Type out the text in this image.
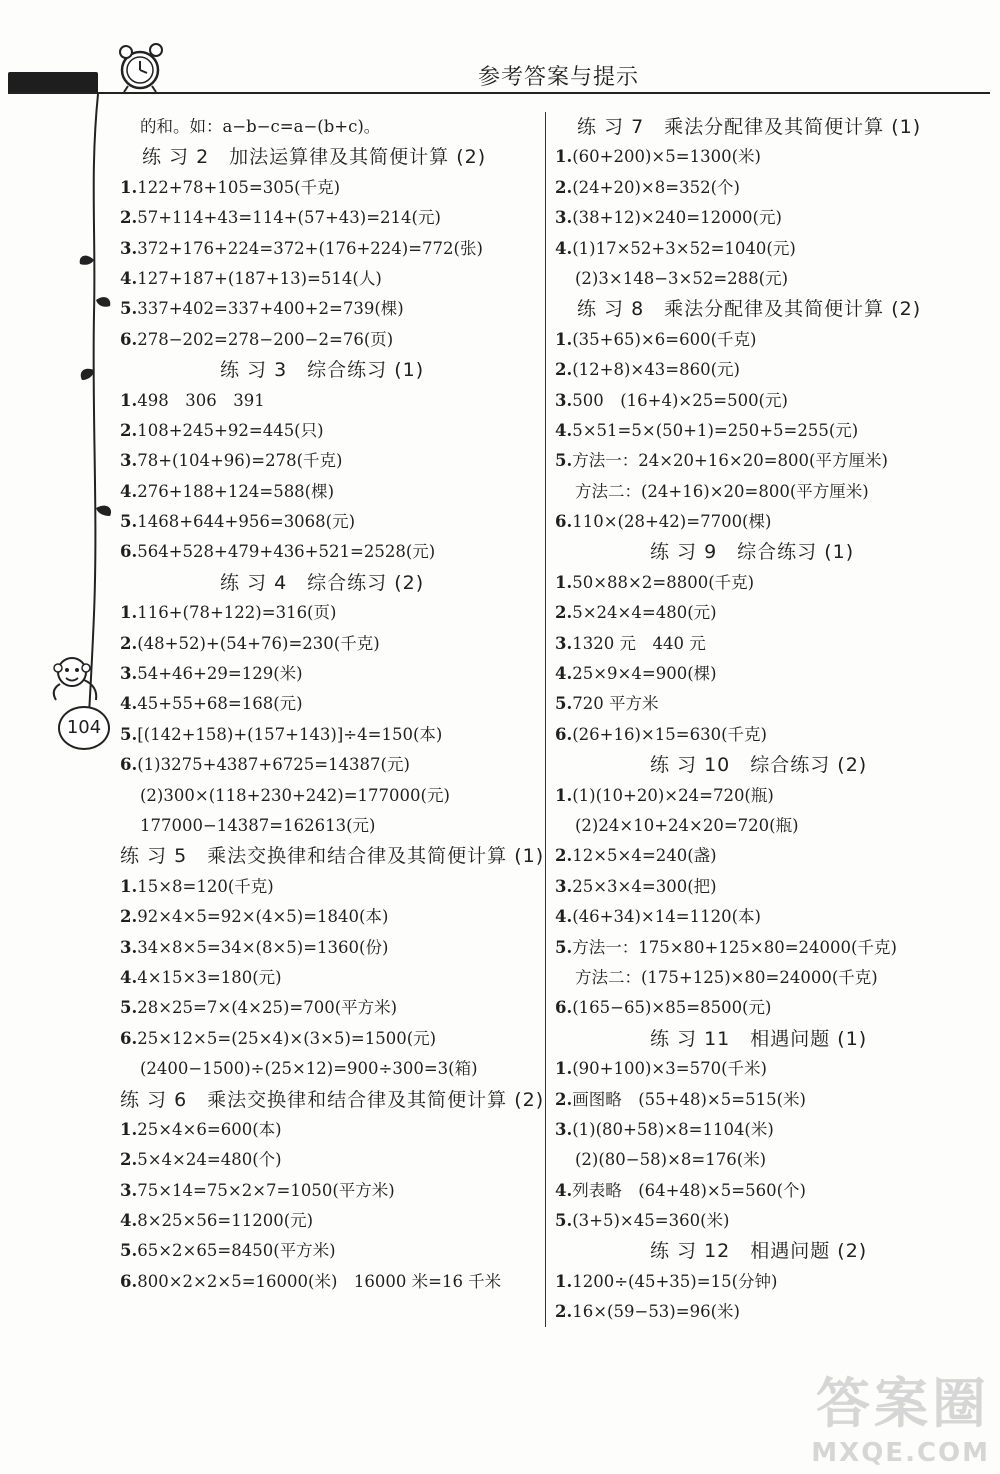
参考答案与提示
104
的和。如：a−b−c=a−(b+c)。
练 习 2　加法运算律及其简便计算 (2)
1.122+78+105=305(千克)
2.57+114+43=114+(57+43)=214(元)
3.372+176+224=372+(176+224)=772(张)
4.127+187+(187+13)=514(人)
5.337+402=337+400+2=739(棵)
6.278−202=278−200−2=76(页)
练 习 3　综合练习 (1)
1.498　306　391
2.108+245+92=445(只)
3.78+(104+96)=278(千克)
4.276+188+124=588(棵)
5.1468+644+956=3068(元)
6.564+528+479+436+521=2528(元)
练 习 4　综合练习 (2)
1.116+(78+122)=316(页)
2.(48+52)+(54+76)=230(千克)
3.54+46+29=129(米)
4.45+55+68=168(元)
5.[(142+158)+(157+143)]÷4=150(本)
6.(1)3275+4387+6725=14387(元)
(2)300×(118+230+242)=177000(元)
177000−14387=162613(元)
练 习 5　乘法交换律和结合律及其简便计算 (1)
1.15×8=120(千克)
2.92×4×5=92×(4×5)=1840(本)
3.34×8×5=34×(8×5)=1360(份)
4.4×15×3=180(元)
5.28×25=7×(4×25)=700(平方米)
6.25×12×5=(25×4)×(3×5)=1500(元)
(2400−1500)÷(25×12)=900÷300=3(箱)
练 习 6　乘法交换律和结合律及其简便计算 (2)
1.25×4×6=600(本)
2.5×4×24=480(个)
3.75×14=75×2×7=1050(平方米)
4.8×25×56=11200(元)
5.65×2×65=8450(平方米)
6.800×2×2×5=16000(米)　16000 米=16 千米
练 习 7　乘法分配律及其简便计算 (1)
1.(60+200)×5=1300(米)
2.(24+20)×8=352(个)
3.(38+12)×240=12000(元)
4.(1)17×52+3×52=1040(元)
(2)3×148−3×52=288(元)
练 习 8　乘法分配律及其简便计算 (2)
1.(35+65)×6=600(千克)
2.(12+8)×43=860(元)
3.500　(16+4)×25=500(元)
4.5×51=5×(50+1)=250+5=255(元)
5.方法一：24×20+16×20=800(平方厘米)
方法二：(24+16)×20=800(平方厘米)
6.110×(28+42)=7700(棵)
练 习 9　综合练习 (1)
1.50×88×2=8800(千克)
2.5×24×4=480(元)
3.1320 元　440 元
4.25×9×4=900(棵)
5.720 平方米
6.(26+16)×15=630(千克)
练 习 10　综合练习 (2)
1.(1)(10+20)×24=720(瓶)
(2)24×10+24×20=720(瓶)
2.12×5×4=240(盏)
3.25×3×4=300(把)
4.(46+34)×14=1120(本)
5.方法一：175×80+125×80=24000(千克)
方法二：(175+125)×80=24000(千克)
6.(165−65)×85=8500(元)
练 习 11　相遇问题 (1)
1.(90+100)×3=570(千米)
2.画图略　(55+48)×5=515(米)
3.(1)(80+58)×8=1104(米)
(2)(80−58)×8=176(米)
4.列表略　(64+48)×5=560(个)
5.(3+5)×45=360(米)
练 习 12　相遇问题 (2)
1.1200÷(45+35)=15(分钟)
2.16×(59−53)=96(米)
答案圈
MXQE.COM
